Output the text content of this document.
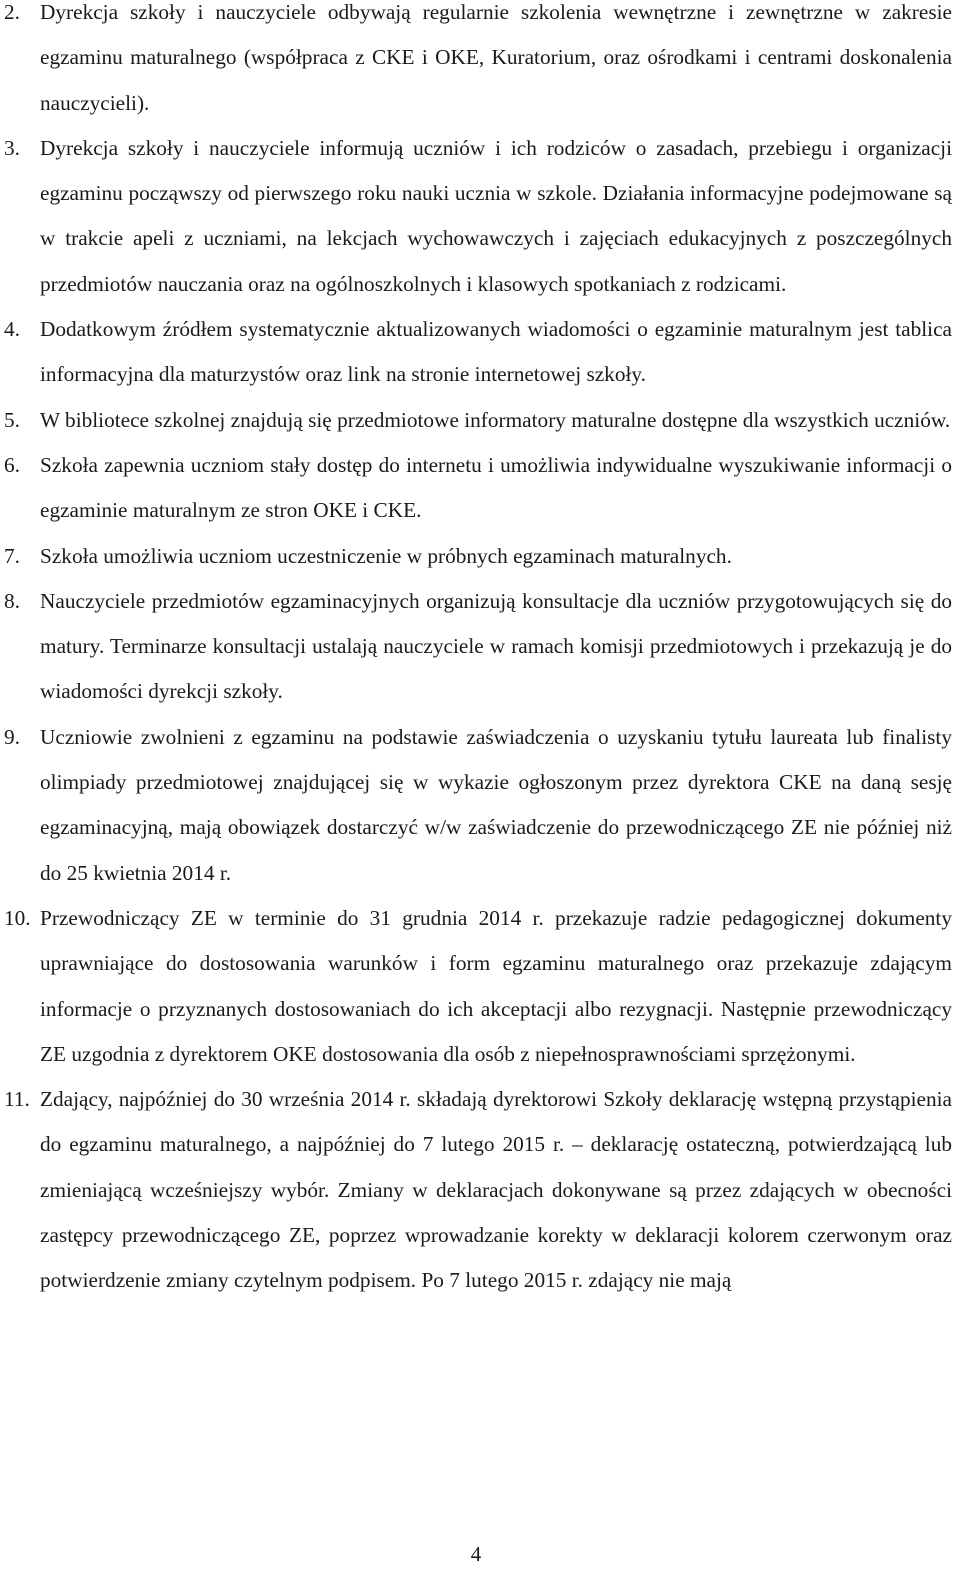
2. Dyrekcja szkoły i nauczyciele odbywają regularnie szkolenia wewnętrzne i zewnętrzne w zakresie egzaminu maturalnego (współpraca z CKE i OKE, Kuratorium, oraz ośrodkami i centrami doskonalenia nauczycieli).
3. Dyrekcja szkoły i nauczyciele informują uczniów i ich rodziców o zasadach, przebiegu i organizacji egzaminu począwszy od pierwszego roku nauki ucznia w szkole. Działania informacyjne podejmowane są w trakcie apeli z uczniami, na lekcjach wychowawczych i zajęciach edukacyjnych z poszczególnych przedmiotów nauczania oraz na ogólnoszkolnych i klasowych spotkaniach z rodzicami.
4. Dodatkowym źródłem systematycznie aktualizowanych wiadomości o egzaminie maturalnym jest tablica informacyjna dla maturzystów oraz link na stronie internetowej szkoły.
5. W bibliotece szkolnej znajdują się przedmiotowe informatory maturalne dostępne dla wszystkich uczniów.
6. Szkoła zapewnia uczniom stały dostęp do internetu i umożliwia indywidualne wyszukiwanie informacji o egzaminie maturalnym ze stron OKE i CKE.
7. Szkoła umożliwia uczniom uczestniczenie w próbnych egzaminach maturalnych.
8. Nauczyciele przedmiotów egzaminacyjnych organizują konsultacje dla uczniów przygotowujących się do matury. Terminarze konsultacji ustalają nauczyciele w ramach komisji przedmiotowych i przekazują je do wiadomości dyrekcji szkoły.
9. Uczniowie zwolnieni z egzaminu na podstawie zaświadczenia o uzyskaniu tytułu laureata lub finalisty olimpiady przedmiotowej znajdującej się w wykazie ogłoszonym przez dyrektora CKE na daną sesję egzaminacyjną, mają obowiązek dostarczyć w/w zaświadczenie do przewodniczącego ZE nie później niż do 25 kwietnia 2014 r.
10. Przewodniczący ZE w terminie do 31 grudnia 2014 r. przekazuje radzie pedagogicznej dokumenty uprawniające do dostosowania warunków i form egzaminu maturalnego oraz przekazuje zdającym informacje o przyznanych dostosowaniach do ich akceptacji albo rezygnacji. Następnie przewodniczący ZE uzgodnia z dyrektorem OKE dostosowania dla osób z niepełnosprawnościami sprzężonymi.
11. Zdający, najpóźniej do 30 września 2014 r. składają dyrektorowi Szkoły deklarację wstępną przystąpienia do egzaminu maturalnego, a najpóźniej do 7 lutego 2015 r. – deklarację ostateczną, potwierdzającą lub zmieniającą wcześniejszy wybór. Zmiany w deklaracjach dokonywane są przez zdających w obecności zastępcy przewodniczącego ZE, poprzez wprowadzanie korekty w deklaracji kolorem czerwonym oraz potwierdzenie zmiany czytelnym podpisem. Po 7 lutego 2015 r. zdający nie mają
4
